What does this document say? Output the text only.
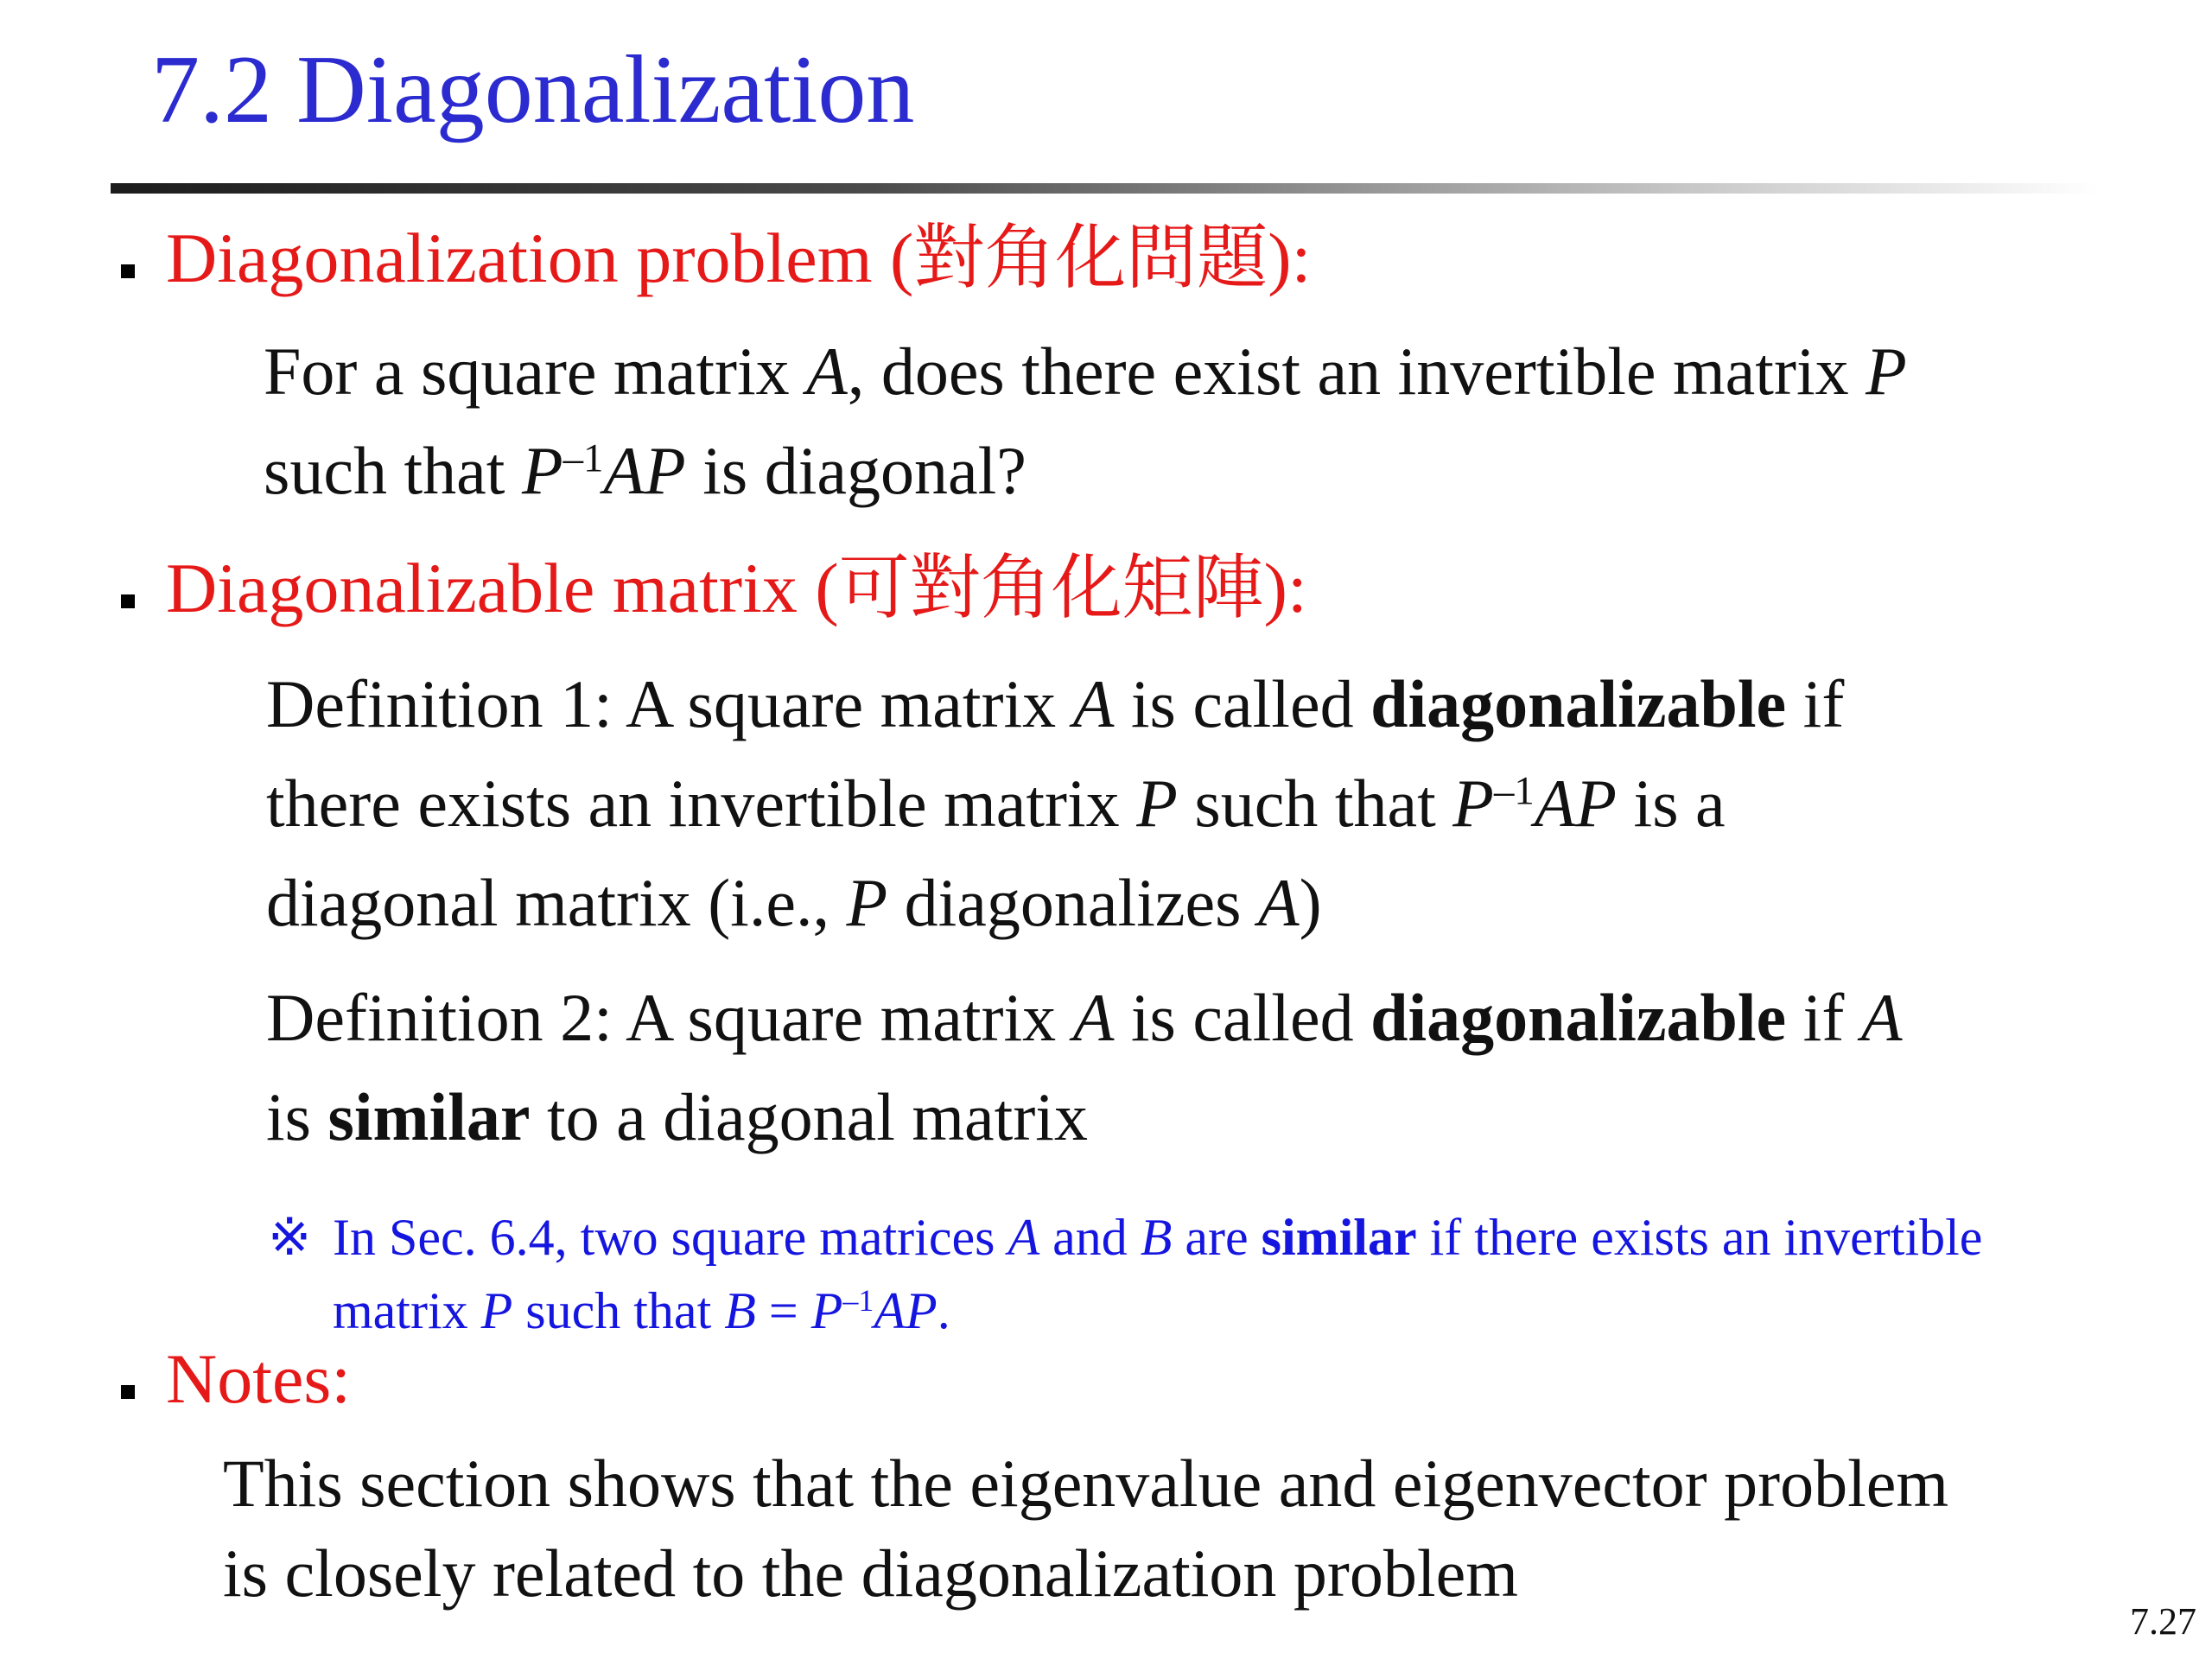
7.2 Diagonalization
Diagonalization problem (對角化問題):
For a square matrix A, does there exist an invertible matrix P
such that $P^{-1}AP$ is diagonal?
Diagonalizable matrix (可對角化矩陣):
Definition 1: A square matrix A is called diagonalizable if
there exists an invertible matrix P such that $P^{-1}AP$ is a
diagonal matrix (i.e., P diagonalizes A)
Definition 2: A square matrix A is called diagonalizable if A
is similar to a diagonal matrix
※ In Sec. 6.4, two square matrices A and B are similar if there exists an invertible
matrix P such that $B = P^{-1}AP$.
Notes:
This section shows that the eigenvalue and eigenvector problem
is closely related to the diagonalization problem
7.27
